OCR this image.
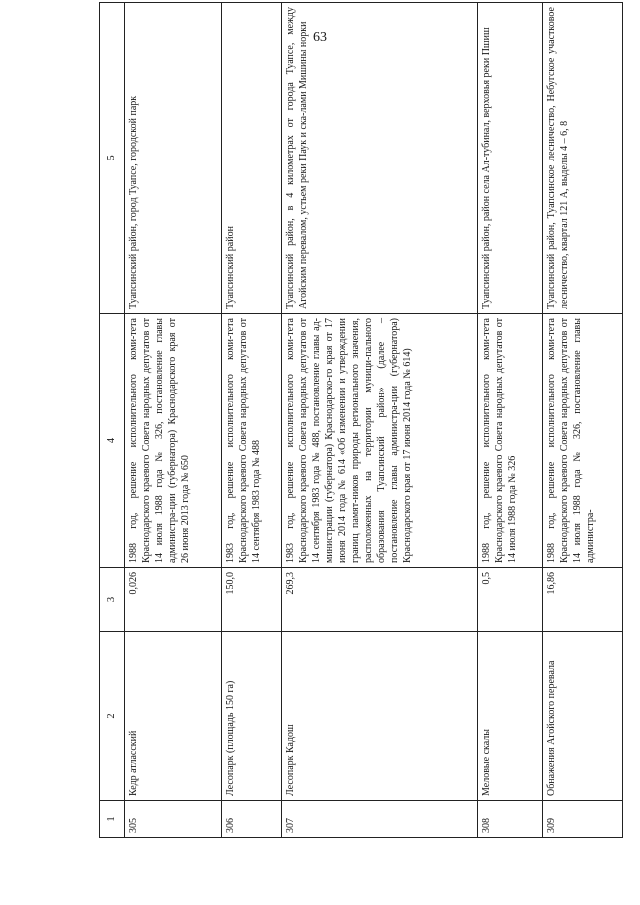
63
1	2	3	4	5
305	Кедр атласский	0,026	1988 год, решение исполнительного коми-тета Краснодарского краевого Совета народных депутатов от 14 июля 1988 года № 326, постановление главы администра-ции (губернатора) Краснодарского края от 26 июня 2013 года № 650	Туапсинский район, город Туапсе, городской парк
306	Лесопарк (площадь 150 га)	150,0	1983 год, решение исполнительного коми-тета Краснодарского краевого Совета народных депутатов от 14 сентября 1983 года № 488	Туапсинский район
307	Лесопарк Кадош	269,3	1983 год, решение исполнительного коми-тета Краснодарского краевого Совета народных депутатов от 14 сентября 1983 года № 488, постановление главы ад-министрации (губернатора) Краснодарско-го края от 17 июня 2014 года № 614 «Об изменении и утверждении границ памят-ников природы регионального значения, расположенных на территории муници-пального образования Туапсинский район» (далее – постановление главы администра-ции (губернатора) Краснодарского края от 17 июня 2014 года № 614)	Туапсинский район, в 4 километрах от города Туапсе, между Агойским перевалом, устьем реки Паук и ска-лами Мишины норки
308	Меловые скалы	0,5	1988 год, решение исполнительного коми-тета Краснодарского краевого Совета народных депутатов от 14 июля 1988 года № 326	Туапсинский район, район села Ал-тубинал, верховья реки Пшиш
309	Обнажения Агойского перевала	16,86	1988 год, решение исполнительного коми-тета Краснодарского краевого Совета народных депутатов от 14 июля 1988 года № 326, постановление главы администра-	Туапсинский район, Туапсинское лесничество, Небугское участковое лесничество, квартал 121 А, выделы 4 – 6, 8
